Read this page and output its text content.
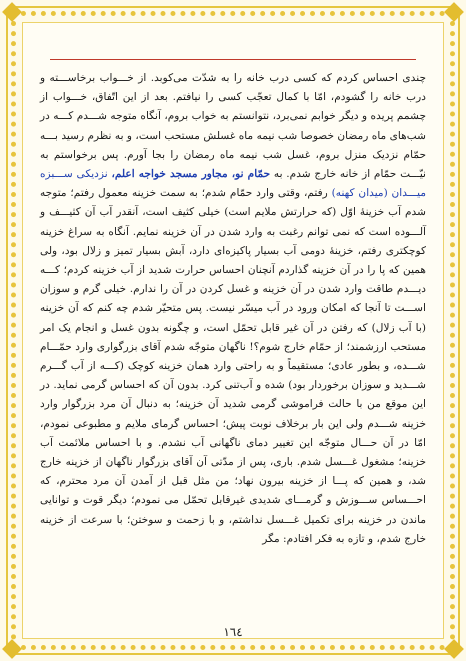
چندی احساس کردم که کسی درب خانه را به شدّت می‌کوبد. از خـــواب برخاســـته و درب خانه را گشودم، امّا با کمال تعجّب کسی را نیافتم. بعد از این اتّفاق، خـــواب از چشمم پریده و دیگر خوابم نمی‌برد، نتوانستم به خواب بروم، آنگاه متوجه شـــدم کـــه در شب‌های ماه رمضان خصوصا شب نیمه ماه غسلش مستحب است، و به نظرم رسید بـــه حمّام نزدیک منزل بروم، غسل شب نیمه ماه رمضان را بجا آورم. پس برخواستم به نیّـــت حمّام از خانه خارج شدم. به حمّام نو، مجاور مسجد خواجه اعلم، نزدیکی ســـبزه میـــدان (میدان کهنه) رفتم، وقتی وارد حمّام شدم؛ به سمت خزینه معمول رفتم؛ متوجه شدم آب خزینهٔ اوّل (که حرارتش ملایم است) خیلی کثیف است، آنقدر آب آن کثیـــف و آلـــوده است که نمی توانم رغبت به وارد شدن در آن خزینه نمایم. آنگاه به سراغ خزینه کوچکتری رفتم، خزینهٔ دومی آب بسیار پاکیزه‌ای دارد، آبش بسیار تمیز و زلال بود، ولی همین که پا را در آن خزینه گذاردم آنچنان احساس حرارت شدید از آب خزینه کردم؛ کـــه دیـــدم طاقت وارد شدن در آن خزینه و غسل کردن در آن را ندارم. خیلی گرم و سوزان اســـت تا آنجا که امکان ورود در آب میسّر نیست. پس متحیّر شدم چه کنم که آن خزینه (با آب زلال) که رفتن در آن غیر قابل تحمّل است، و چگونه بدون غسل و انجام یک امر مستحب ارزشمند؛ از حمّام خارج شوم؟! ناگهان متوجّه شدم آقای بزرگواری وارد حمّـــام شـــده، و بطور عادی؛ مستقیماً و به راحتی وارد همان خزینه کوچک (کـــه از آب گـــرم شـــدید و سوزان برخوردار بود) شده و آب‌تنی کرد. بدون آن که احساس گرمی نماید. در این موقع من با حالت فراموشی گرمی شدید آن خزینه؛ به دنبال آن مرد بزرگوار وارد خزینه شـــدم ولی این بار برخلاف نوبت پیش؛ احساس گرمای ملایم و مطبوعی نمودم، امّا در آن حـــال متوجّه این تغییر دمای ناگهانی آب نشدم. و با احساس ملائمت آب خزینه؛ مشغول غـــسل شدم. باری، پس از مدّتی آن آقای بزرگوار ناگهان از خزینه خارج شد، و همین که پـــا از خزینه بیرون نهاد؛ من مثل قبل از آمدن آن مرد محترم، که احـــساس ســـوزش و گرمـــای شدیدی غیرقابل تحمّل می نمودم؛ دیگر قوت و توانایی ماندن در خزینه برای تکمیل غـــسل نداشتم، و با زحمت و سوختن؛ با سرعت از خزینه خارج شدم، و تازه به فکر افتادم: مگر

١٦٤
